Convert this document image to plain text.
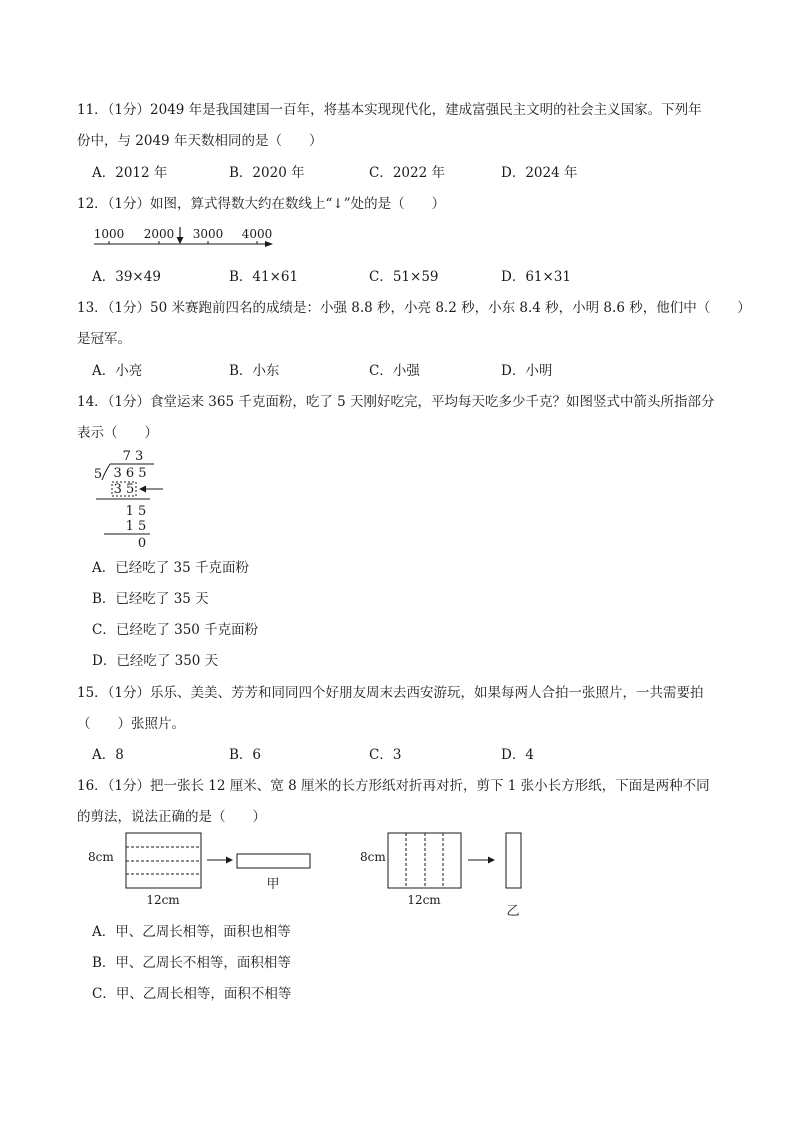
11．（1分）2049 年是我国建国一百年，将基本实现现代化，建成富强民主文明的社会主义国家。下列年
份中，与 2049 年天数相同的是（　　）
A．2012 年	B．2020 年	C．2022 年	D．2024 年
12．（1分）如图，算式得数大约在数线上“↓”处的是（　　）
1000 2000 3000 4000
A．39×49	B．41×61	C．51×59	D．61×31
13．（1分）50 米赛跑前四名的成绩是：小强 8.8 秒，小亮 8.2 秒，小东 8.4 秒，小明 8.6 秒，他们中（　　）
是冠军。
A．小亮	B．小东	C．小强	D．小明
14．（1分）食堂运来 365 千克面粉，吃了 5 天刚好吃完，平均每天吃多少千克？如图竖式中箭头所指部分
表示（　　）
7 3
5 3 6 5
3 5
1 5
1 5
0
A．已经吃了 35 千克面粉
B．已经吃了 35 天
C．已经吃了 350 千克面粉
D．已经吃了 350 天
15．（1分）乐乐、美美、芳芳和同同四个好朋友周末去西安游玩，如果每两人合拍一张照片，一共需要拍
（　　）张照片。
A．8	B．6	C．3	D．4
16．（1分）把一张长 12 厘米、宽 8 厘米的长方形纸对折再对折，剪下 1 张小长方形纸，下面是两种不同
的剪法，说法正确的是（　　）
8cm
12cm
甲
8cm
12cm
乙
A．甲、乙周长相等，面积也相等
B．甲、乙周长不相等，面积相等
C．甲、乙周长相等，面积不相等
